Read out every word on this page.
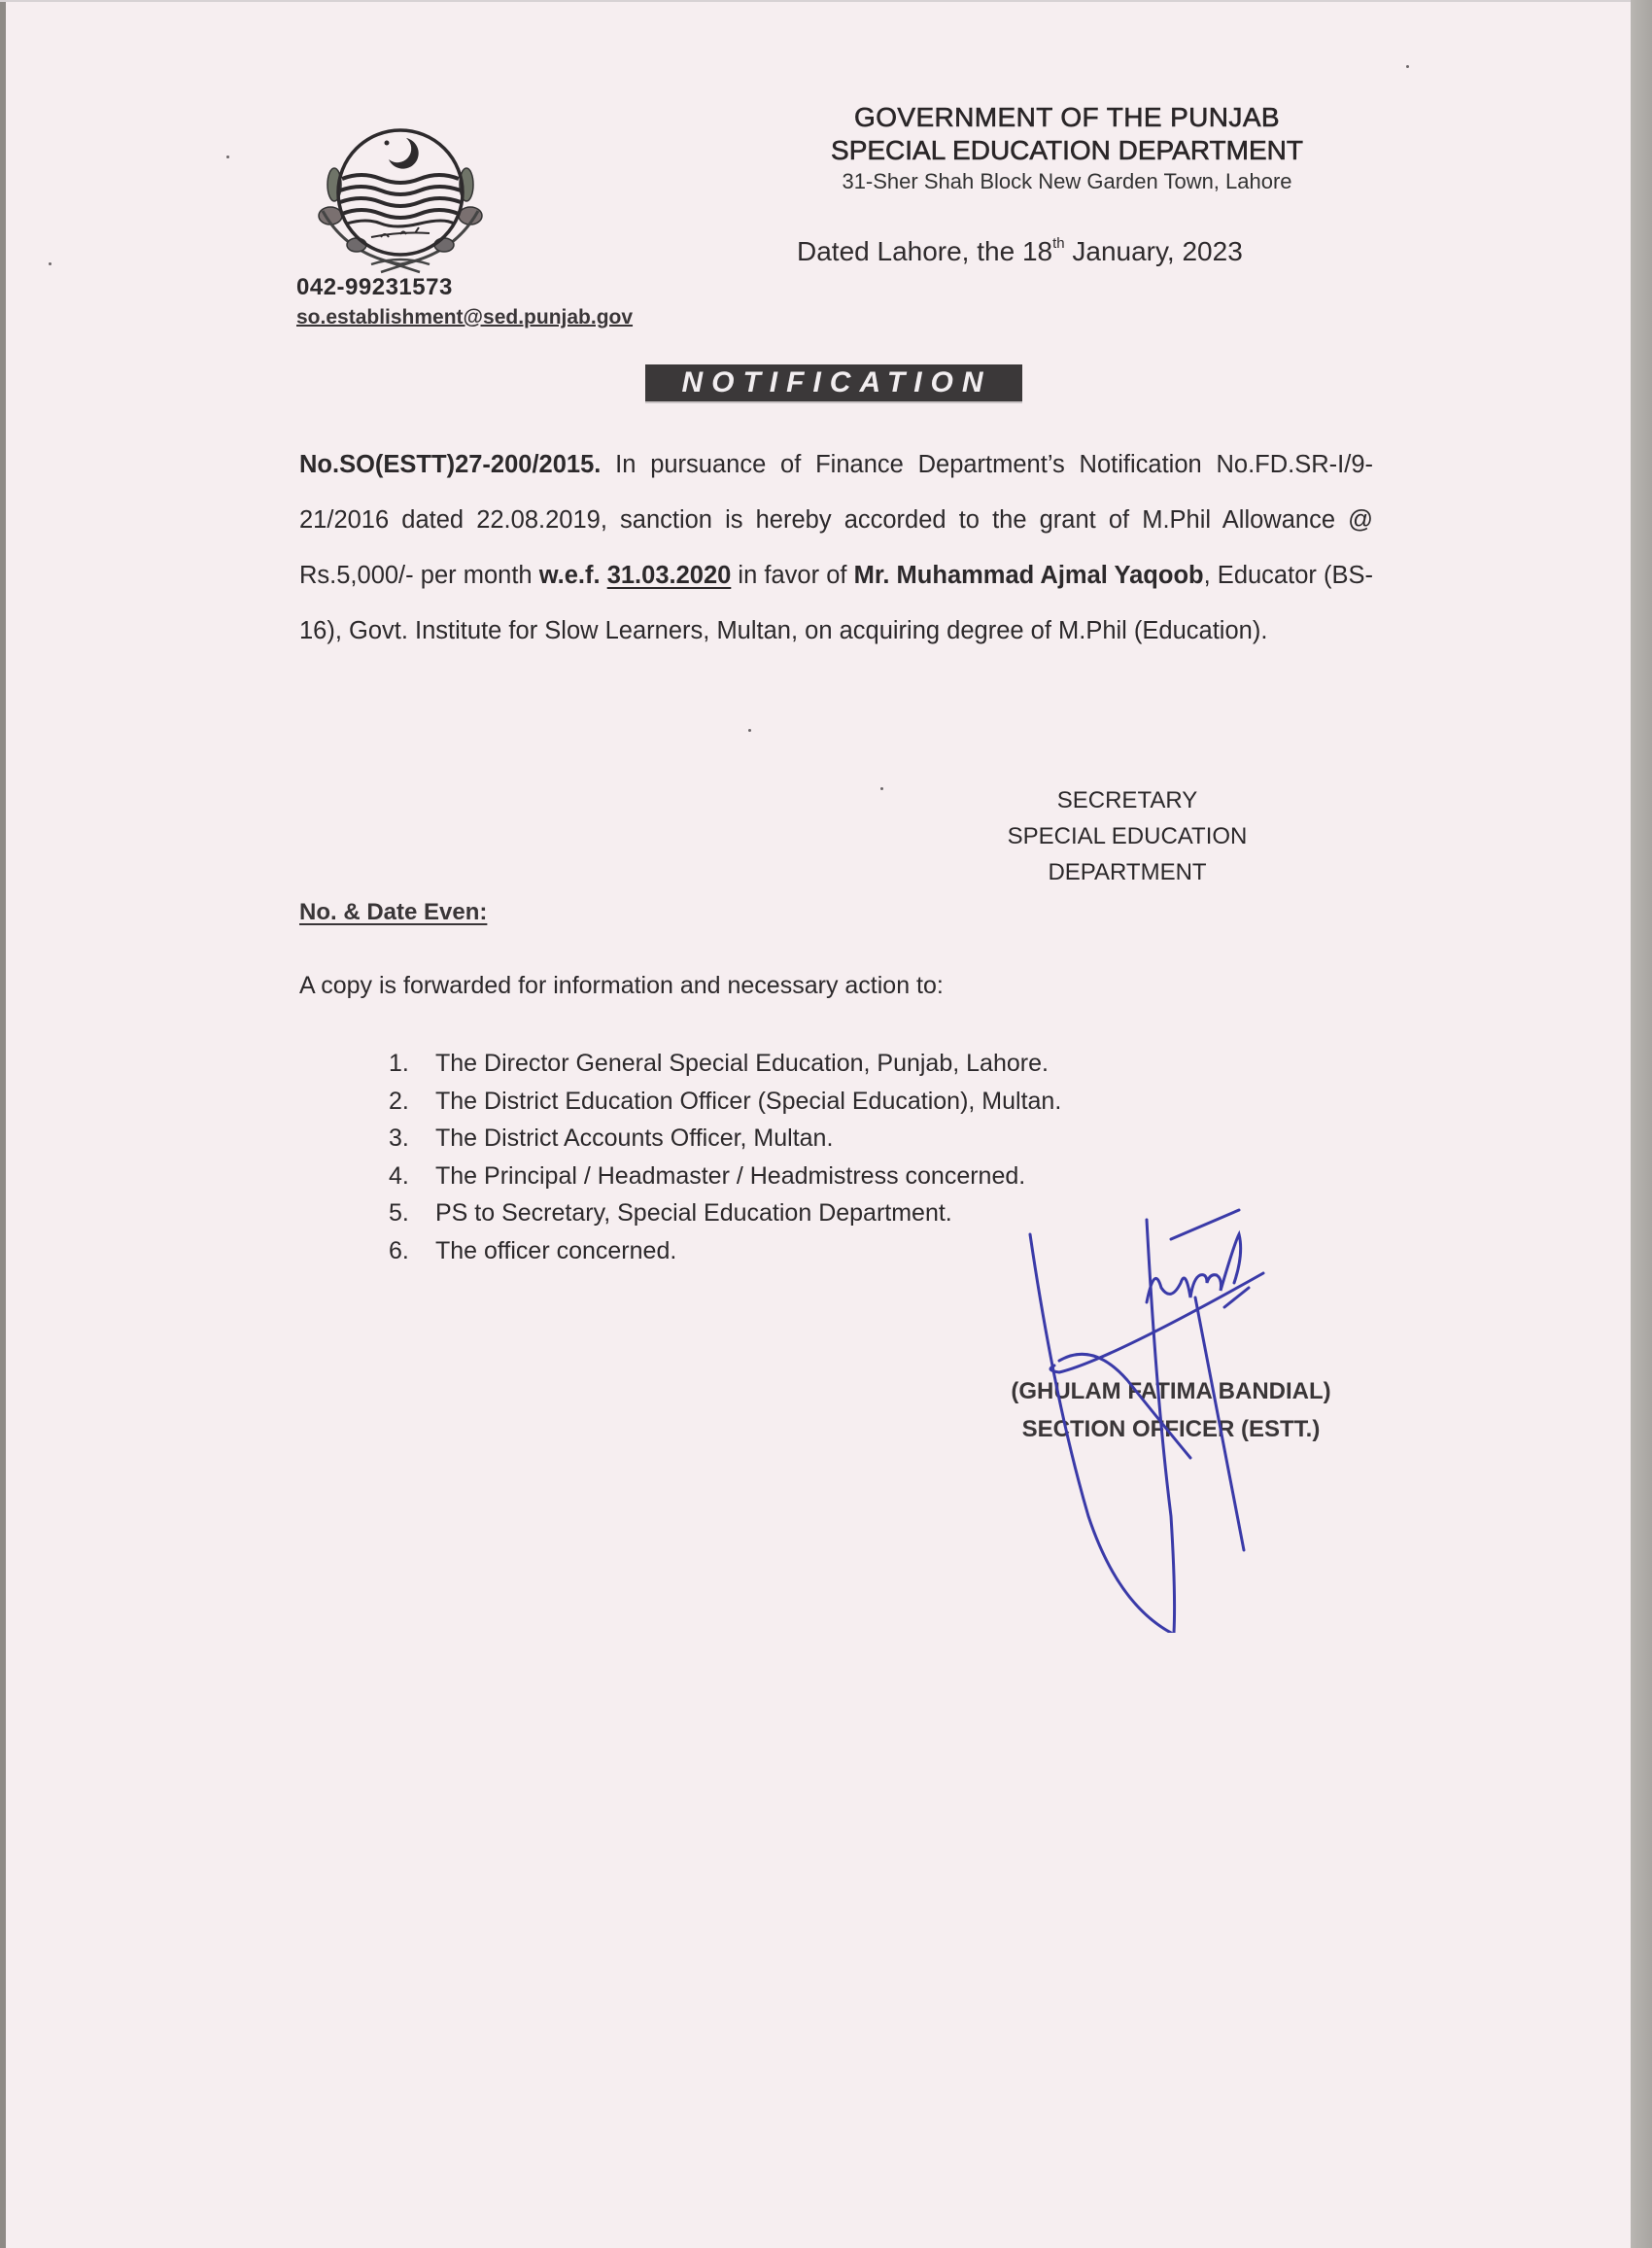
042-99231573
so.establishment@sed.punjab.gov
GOVERNMENT OF THE PUNJAB
SPECIAL EDUCATION DEPARTMENT
31-Sher Shah Block New Garden Town, Lahore
Dated Lahore, the 18th January, 2023
NOTIFICATION
No.SO(ESTT)27-200/2015. In pursuance of Finance Department’s Notification No.FD.SR-I/9-21/2016 dated 22.08.2019, sanction is hereby accorded to the grant of M.Phil Allowance @ Rs.5,000/- per month w.e.f. 31.03.2020 in favor of Mr. Muhammad Ajmal Yaqoob, Educator (BS-16), Govt. Institute for Slow Learners, Multan, on acquiring degree of M.Phil (Education).
SECRETARY
SPECIAL EDUCATION
DEPARTMENT
No. & Date Even:
A copy is forwarded for information and necessary action to:
1.	The Director General Special Education, Punjab, Lahore.
2.	The District Education Officer (Special Education), Multan.
3.	The District Accounts Officer, Multan.
4.	The Principal / Headmaster / Headmistress concerned.
5.	PS to Secretary, Special Education Department.
6.	The officer concerned.
(GHULAM FATIMA BANDIAL)
SECTION OFFICER (ESTT.)
